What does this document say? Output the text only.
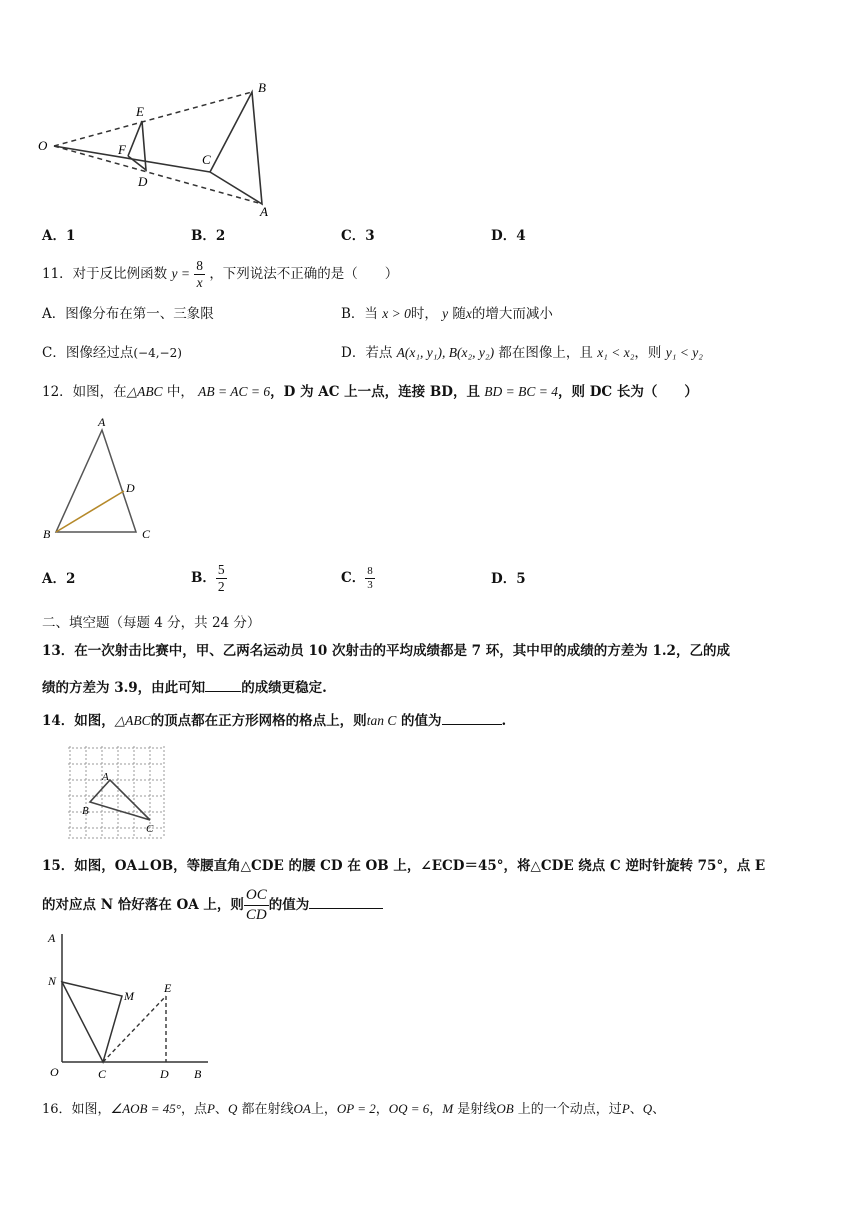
O
E
B
F
C
D
A
A．1	B．2	C．3	D．4
11．对于反比例函数 $y = \frac{8}{x}$ ，下列说法不正确的是（　　）
A．图像分布在第一、三象限	B．当 x > 0时， y 随x的增大而减小
C．图像经过点(−4,−2)	D．若点 A(x₁, y₁), B(x₂, y₂) 都在图像上，且 x₁ < x₂，则 y₁ < y₂
12．如图，在△ABC 中， AB = AC = 6，D 为 AC 上一点，连接 BD，且 BD = BC = 4，则 DC 长为（　　）
A
B	C
D
A．2	B． $\frac{5}{2}$	C． $\frac{8}{3}$	D．5
二、填空题（每题 4 分，共 24 分）
13．在一次射击比赛中，甲、乙两名运动员 10 次射击的平均成绩都是 7 环，其中甲的成绩的方差为 1.2，乙的成
绩的方差为 3.9，由此可知	的成绩更稳定.
14．如图，△ABC的顶点都在正方形网格的格点上，则tan C 的值为	.
A
B
C
15．如图，OA⊥OB，等腰直角△CDE 的腰 CD 在 OB 上，∠ECD＝45°，将△CDE 绕点 C 逆时针旋转 75°，点 E
的对应点 N 恰好落在 OA 上，则 $\frac{OC}{CD}$ 的值为
A
N
M
E
O	C	D B
16．如图，∠AOB = 45°，点P、Q 都在射线OA上，OP = 2，OQ = 6，M 是射线OB 上的一个动点，过P、Q、
